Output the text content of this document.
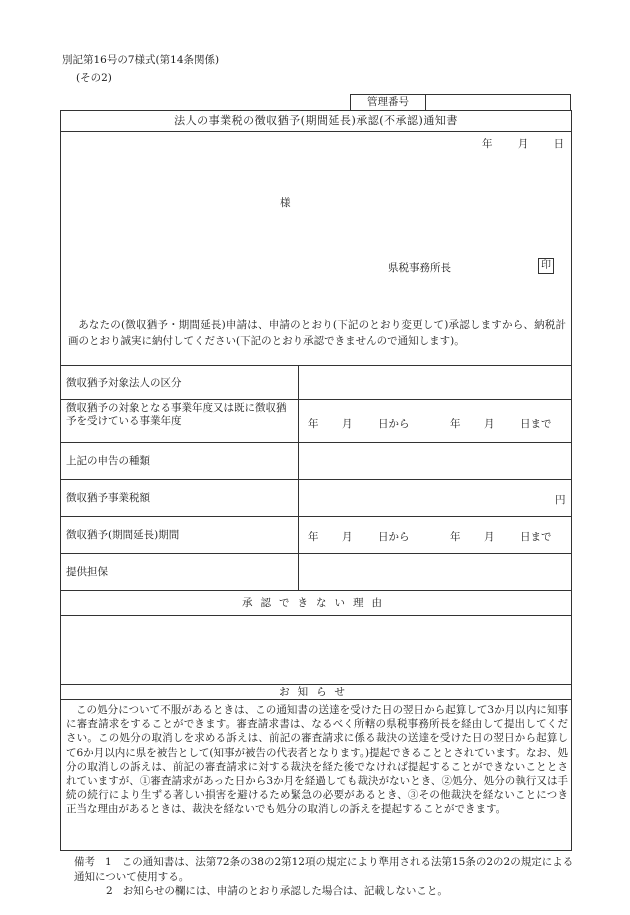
別記第16号の7様式(第14条関係)
(その2)
管理番号
法人の事業税の徴収猶予(期間延長)承認(不承認)通知書
年 月 日
様
県税事務所長	印
あなたの(徴収猶予・期間延長)申請は、申請のとおり(下記のとおり変更して)承認しますから、納税計画のとおり誠実に納付してください(下記のとおり承認できませんので通知します)。
徴収猶予対象法人の区分
徴収猶予の対象となる事業年度又は既に徴収猶予を受けている事業年度	年 月 日から	年 月 日まで
上記の申告の種類
徴収猶予事業税額	円
徴収猶予(期間延長)期間	年 月 日から	年 月 日まで
提供担保
承認できない理由
お知らせ
この処分について不服があるときは、この通知書の送達を受けた日の翌日から起算して3か月以内に知事に審査請求をすることができます。審査請求書は、なるべく所轄の県税事務所長を経由して提出してください。この処分の取消しを求める訴えは、前記の審査請求に係る裁決の送達を受けた日の翌日から起算して6か月以内に県を被告として(知事が被告の代表者となります。)提起できることとされています。なお、処分の取消しの訴えは、前記の審査請求に対する裁決を経た後でなければ提起することができないこととされていますが、①審査請求があった日から3か月を経過しても裁決がないとき、②処分、処分の執行又は手続の続行により生ずる著しい損害を避けるため緊急の必要があるとき、③その他裁決を経ないことにつき正当な理由があるときは、裁決を経ないでも処分の取消しの訴えを提起することができます。
備考 1 この通知書は、法第72条の38の2第12項の規定により準用される法第15条の2の2の規定による通知について使用する。
2 お知らせの欄には、申請のとおり承認した場合は、記載しないこと。
